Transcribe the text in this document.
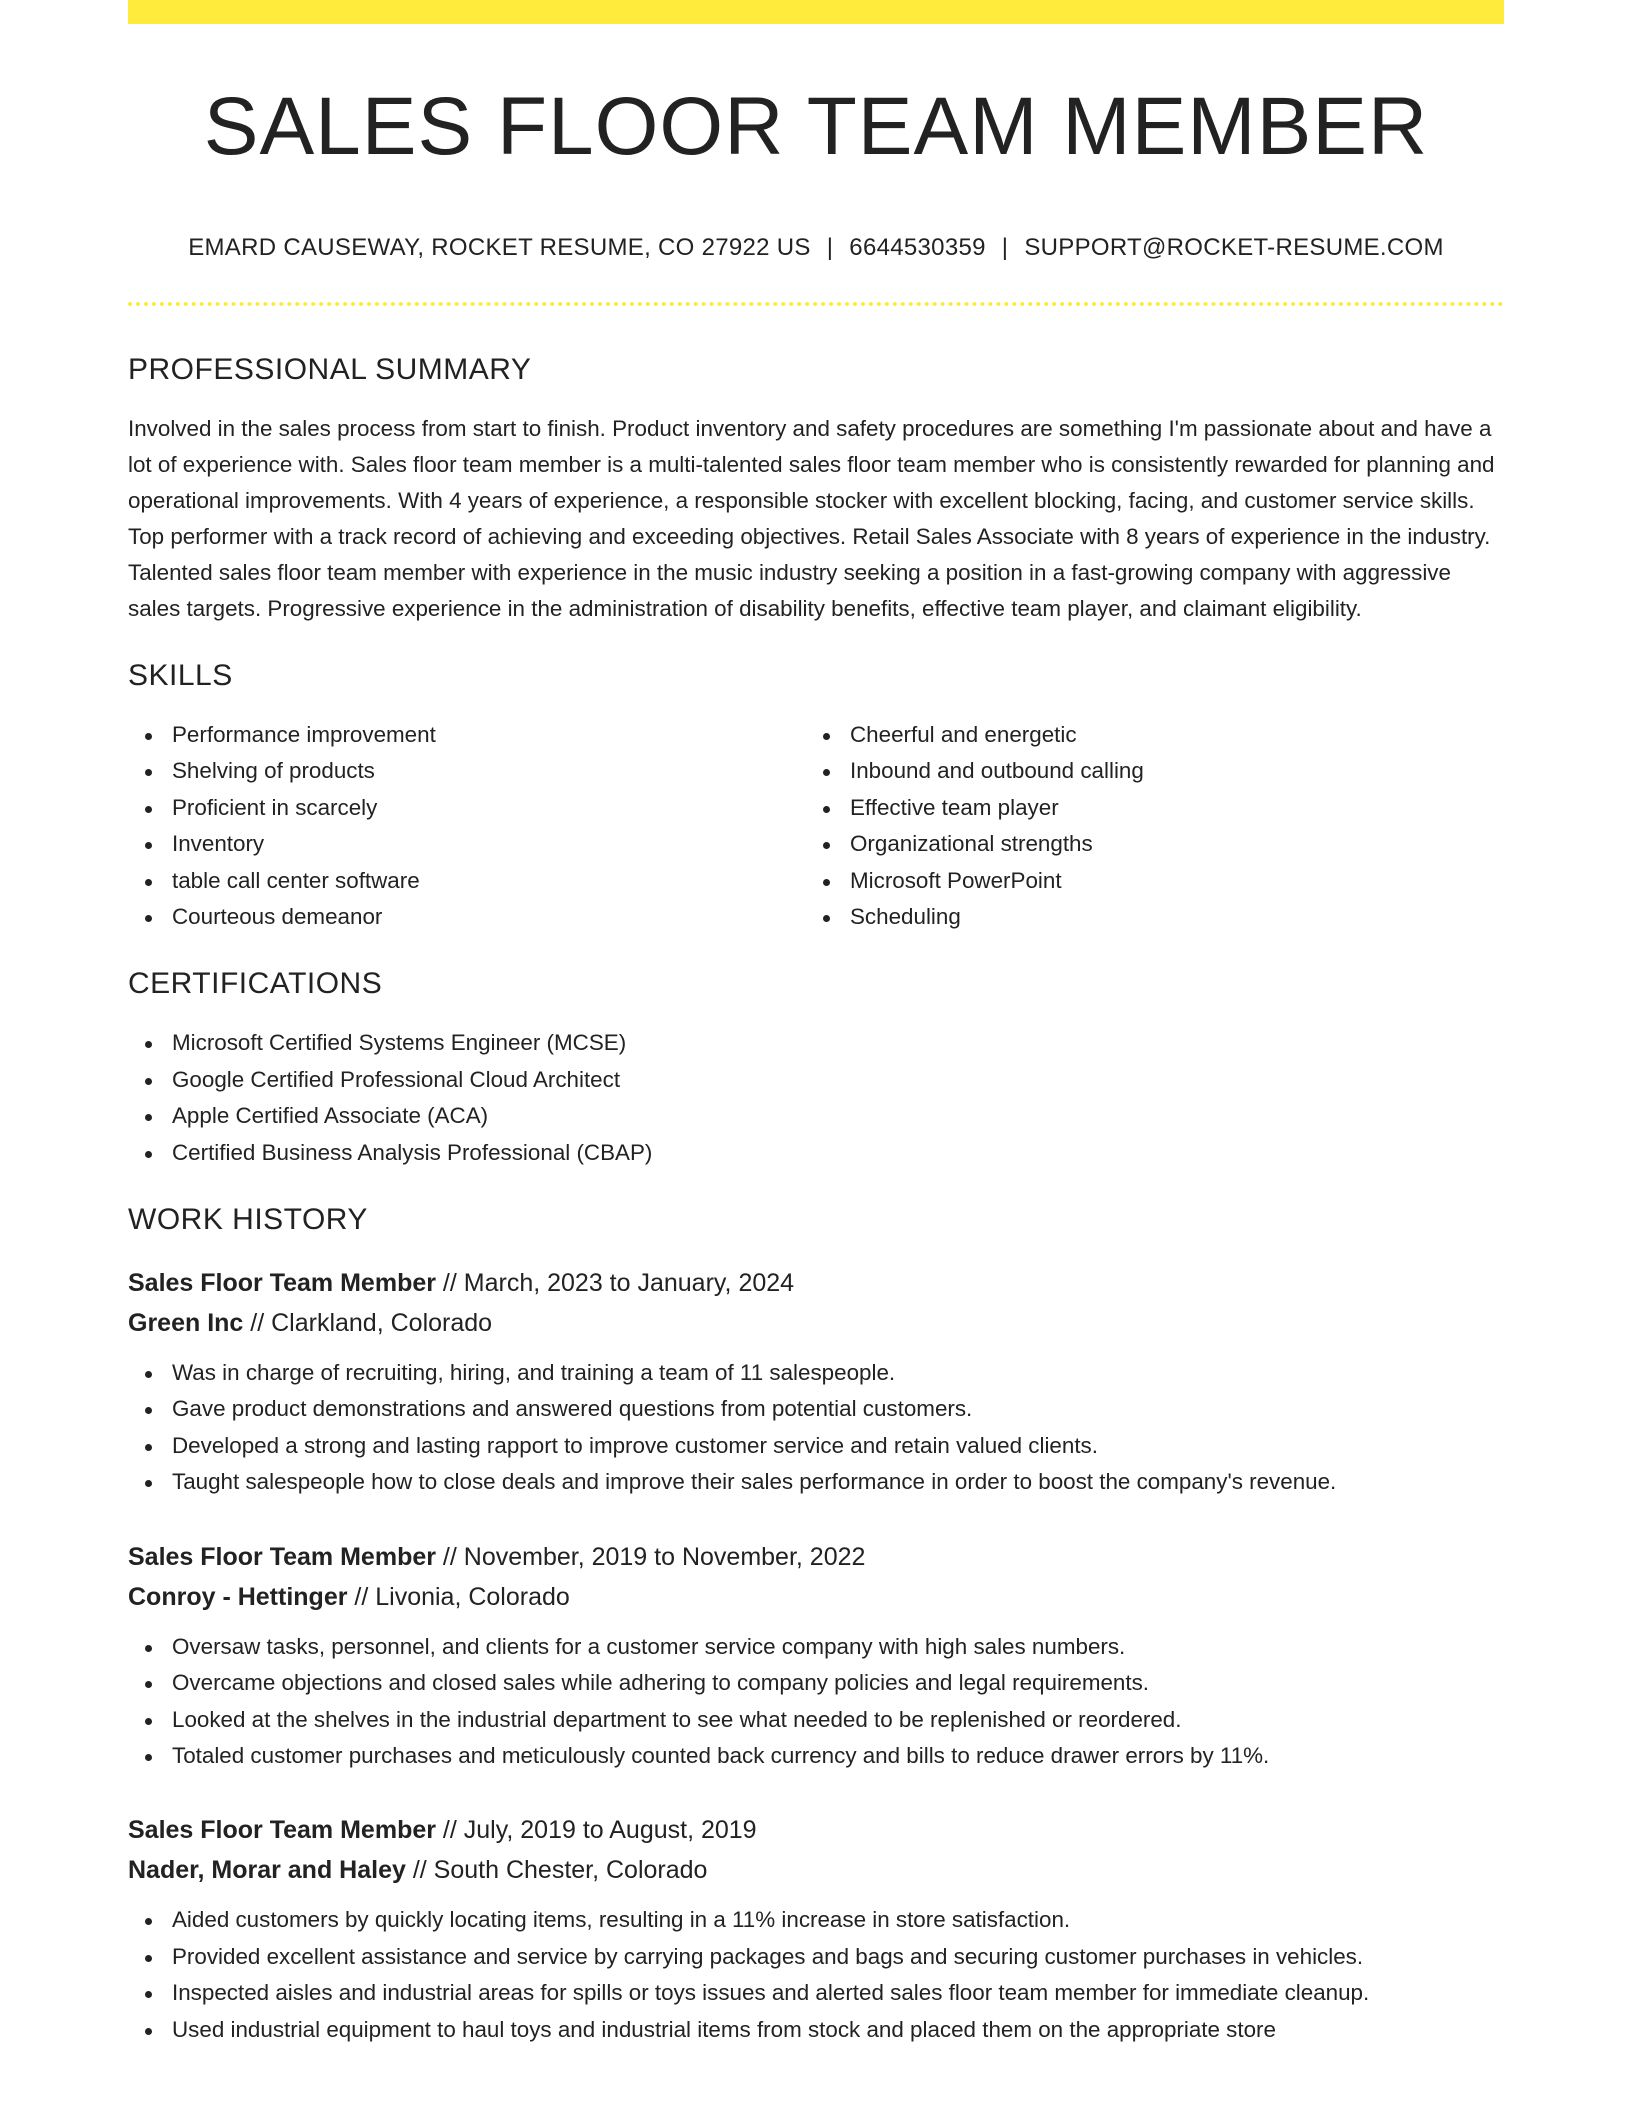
SALES FLOOR TEAM MEMBER
EMARD CAUSEWAY, ROCKET RESUME, CO 27922 US | 6644530359 | SUPPORT@ROCKET-RESUME.COM
PROFESSIONAL SUMMARY

Involved in the sales process from start to finish. Product inventory and safety procedures are something I'm passionate about and have a lot of experience with. Sales floor team member is a multi-talented sales floor team member who is consistently rewarded for planning and operational improvements. With 4 years of experience, a responsible stocker with excellent blocking, facing, and customer service skills. Top performer with a track record of achieving and exceeding objectives. Retail Sales Associate with 8 years of experience in the industry. Talented sales floor team member with experience in the music industry seeking a position in a fast-growing company with aggressive sales targets. Progressive experience in the administration of disability benefits, effective team player, and claimant eligibility.

SKILLS
Performance improvement
Shelving of products
Proficient in scarcely
Inventory
table call center software
Courteous demeanor
Cheerful and energetic
Inbound and outbound calling
Effective team player
Organizational strengths
Microsoft PowerPoint
Scheduling
CERTIFICATIONS
Microsoft Certified Systems Engineer (MCSE)
Google Certified Professional Cloud Architect
Apple Certified Associate (ACA)
Certified Business Analysis Professional (CBAP)
WORK HISTORY
Sales Floor Team Member // March, 2023 to January, 2024
Green Inc // Clarkland, Colorado
Was in charge of recruiting, hiring, and training a team of 11 salespeople.
Gave product demonstrations and answered questions from potential customers.
Developed a strong and lasting rapport to improve customer service and retain valued clients.
Taught salespeople how to close deals and improve their sales performance in order to boost the company's revenue.
Sales Floor Team Member // November, 2019 to November, 2022
Conroy - Hettinger // Livonia, Colorado
Oversaw tasks, personnel, and clients for a customer service company with high sales numbers.
Overcame objections and closed sales while adhering to company policies and legal requirements.
Looked at the shelves in the industrial department to see what needed to be replenished or reordered.
Totaled customer purchases and meticulously counted back currency and bills to reduce drawer errors by 11%.
Sales Floor Team Member // July, 2019 to August, 2019
Nader, Morar and Haley // South Chester, Colorado
Aided customers by quickly locating items, resulting in a 11% increase in store satisfaction.
Provided excellent assistance and service by carrying packages and bags and securing customer purchases in vehicles.
Inspected aisles and industrial areas for spills or toys issues and alerted sales floor team member for immediate cleanup.
Used industrial equipment to haul toys and industrial items from stock and placed them on the appropriate store
